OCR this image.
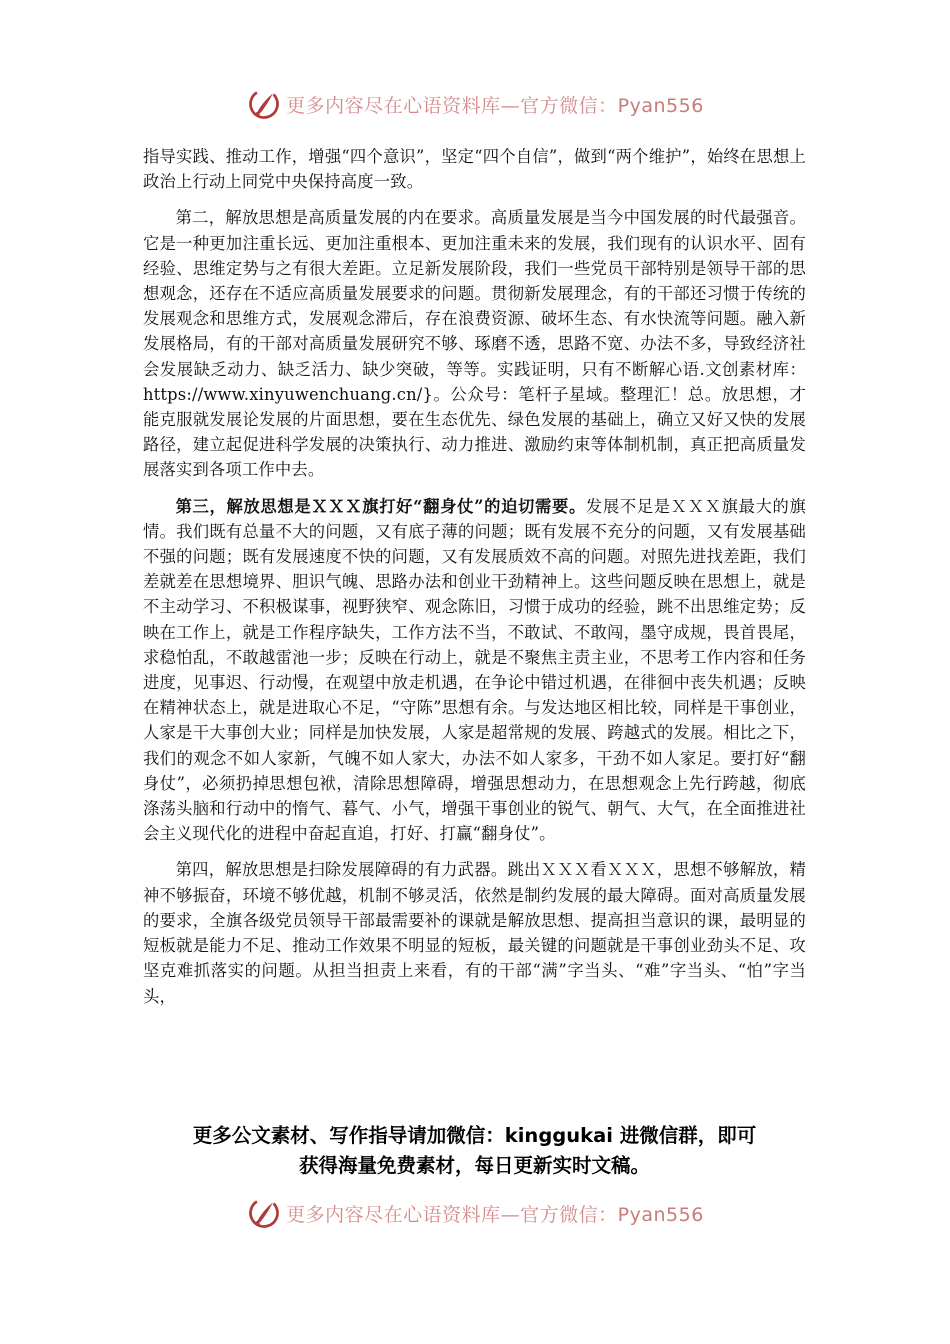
更多内容尽在心语资料库—官方微信：Pyan556

指导实践、推动工作，增强“四个意识”，坚定“四个自信”，做到“两个维护”，始终在思想上政治上行动上同党中央保持高度一致。

第二，解放思想是高质量发展的内在要求。高质量发展是当今中国发展的时代最强音。它是一种更加注重长远、更加注重根本、更加注重未来的发展，我们现有的认识水平、固有经验、思维定势与之有很大差距。立足新发展阶段，我们一些党员干部特别是领导干部的思想观念，还存在不适应高质量发展要求的问题。贯彻新发展理念，有的干部还习惯于传统的发展观念和思维方式，发展观念滞后，存在浪费资源、破坏生态、有水快流等问题。融入新发展格局，有的干部对高质量发展研究不够、琢磨不透，思路不宽、办法不多，导致经济社会发展缺乏动力、缺乏活力、缺少突破，等等。实践证明，只有不断解心语.文创素材库：https://www.xinyuwenchuang.cn/}。公众号：笔杆子星域。整理汇！总。放思想，才能克服就发展论发展的片面思想，要在生态优先、绿色发展的基础上，确立又好又快的发展路径，建立起促进科学发展的决策执行、动力推进、激励约束等体制机制，真正把高质量发展落实到各项工作中去。

第三，解放思想是ＸＸＸ旗打好“翻身仗”的迫切需要。发展不足是ＸＸＸ旗最大的旗情。我们既有总量不大的问题，又有底子薄的问题；既有发展不充分的问题，又有发展基础不强的问题；既有发展速度不快的问题，又有发展质效不高的问题。对照先进找差距，我们差就差在思想境界、胆识气魄、思路办法和创业干劲精神上。这些问题反映在思想上，就是不主动学习、不积极谋事，视野狭窄、观念陈旧，习惯于成功的经验，跳不出思维定势；反映在工作上，就是工作程序缺失，工作方法不当，不敢试、不敢闯，墨守成规，畏首畏尾，求稳怕乱，不敢越雷池一步；反映在行动上，就是不聚焦主责主业，不思考工作内容和任务进度，见事迟、行动慢，在观望中放走机遇，在争论中错过机遇，在徘徊中丧失机遇；反映在精神状态上，就是进取心不足，“守陈”思想有余。与发达地区相比较，同样是干事创业，人家是干大事创大业；同样是加快发展，人家是超常规的发展、跨越式的发展。相比之下，我们的观念不如人家新，气魄不如人家大，办法不如人家多，干劲不如人家足。要打好“翻身仗”，必须扔掉思想包袱，清除思想障碍，增强思想动力，在思想观念上先行跨越，彻底涤荡头脑和行动中的惰气、暮气、小气，增强干事创业的锐气、朝气、大气，在全面推进社会主义现代化的进程中奋起直追，打好、打赢“翻身仗”。

第四，解放思想是扫除发展障碍的有力武器。跳出ＸＸＸ看ＸＸＸ，思想不够解放，精神不够振奋，环境不够优越，机制不够灵活，依然是制约发展的最大障碍。面对高质量发展的要求，全旗各级党员领导干部最需要补的课就是解放思想、提高担当意识的课，最明显的短板就是能力不足、推动工作效果不明显的短板，最关键的问题就是干事创业劲头不足、攻坚克难抓落实的问题。从担当担责上来看，有的干部“满”字当头、“难”字当头、“怕”字当头，

更多公文素材、写作指导请加微信：kinggukai 进微信群，即可
获得海量免费素材，每日更新实时文稿。
更多内容尽在心语资料库—官方微信：Pyan556
